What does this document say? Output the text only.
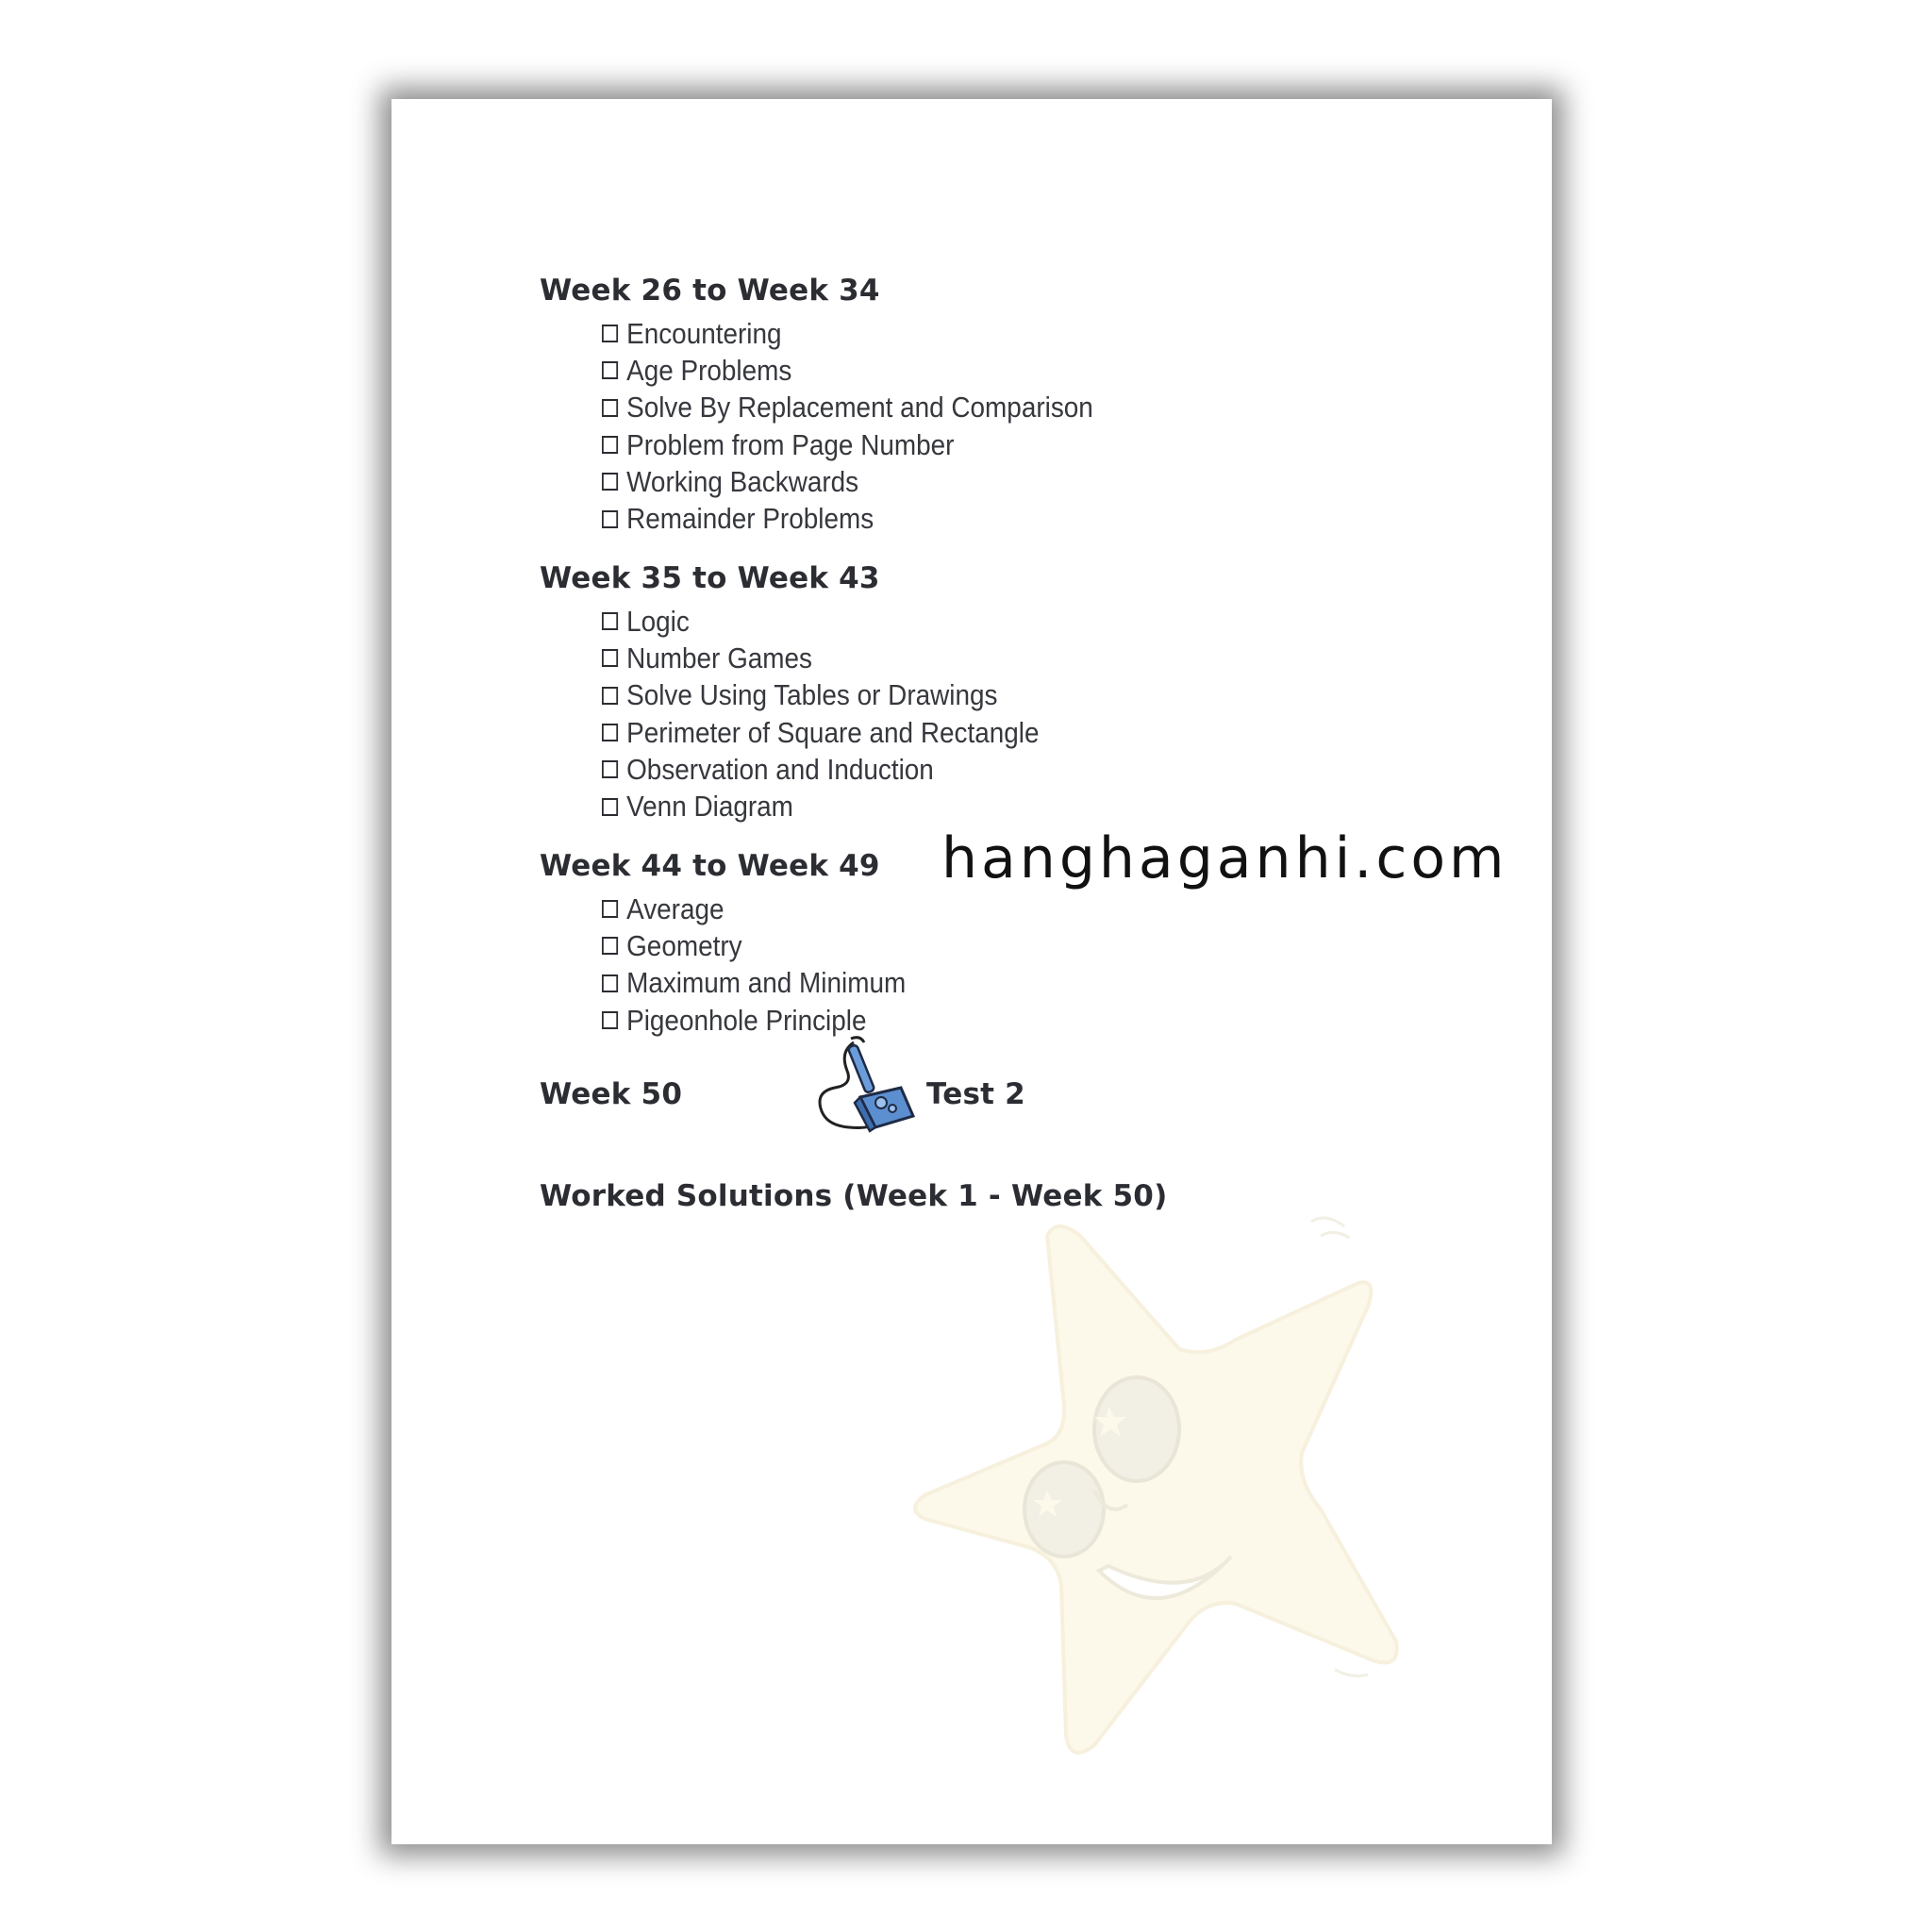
Week 26 to Week 34
Encountering
Age Problems
Solve By Replacement and Comparison
Problem from Page Number
Working Backwards
Remainder Problems
Week 35 to Week 43
Logic
Number Games
Solve Using Tables or Drawings
Perimeter of Square and Rectangle
Observation and Induction
Venn Diagram
Week 44 to Week 49
Average
Geometry
Maximum and Minimum
Pigeonhole Principle
Week 50	Test 2
Worked Solutions (Week 1 - Week 50)
hanghaganhi.com
